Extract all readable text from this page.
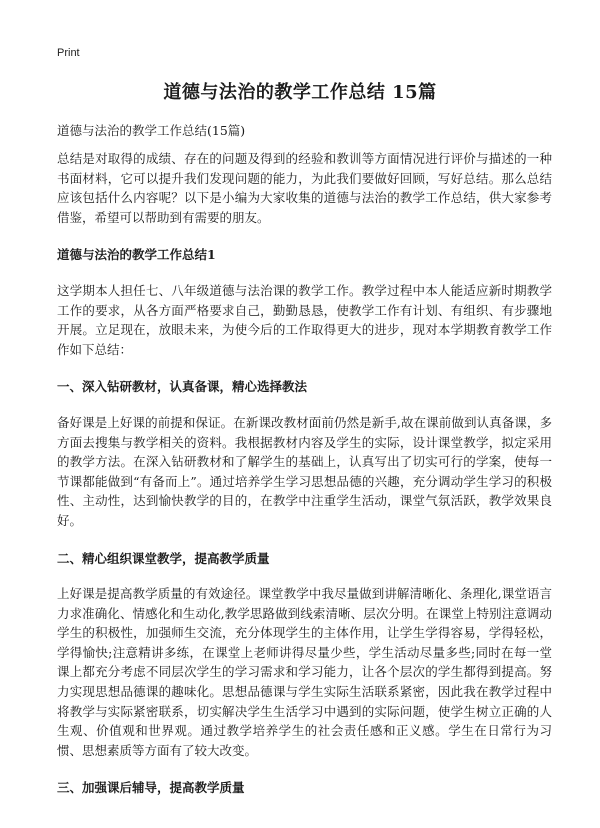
Print
道德与法治的教学工作总结 15篇
道德与法治的教学工作总结(15篇)

总结是对取得的成绩、存在的问题及得到的经验和教训等方面情况进行评价与描述的一种书面材料，它可以提升我们发现问题的能力，为此我们要做好回顾，写好总结。那么总结应该包括什么内容呢？以下是小编为大家收集的道德与法治的教学工作总结，供大家参考借鉴，希望可以帮助到有需要的朋友。

道德与法治的教学工作总结1

这学期本人担任七、八年级道德与法治课的教学工作。教学过程中本人能适应新时期教学工作的要求，从各方面严格要求自己，勤勤恳恳，使教学工作有计划、有组织、有步骤地开展。立足现在，放眼未来，为使今后的工作取得更大的进步，现对本学期教育教学工作作如下总结：

一、深入钻研教材，认真备课，精心选择教法

备好课是上好课的前提和保证。在新课改教材面前仍然是新手,故在课前做到认真备课，多方面去搜集与教学相关的资料。我根据教材内容及学生的实际，设计课堂教学，拟定采用的教学方法。在深入钻研教材和了解学生的基础上，认真写出了切实可行的学案，使每一节课都能做到“有备而上”。通过培养学生学习思想品德的兴趣，充分调动学生学习的积极性、主动性，达到愉快教学的目的，在教学中注重学生活动，课堂气氛活跃，教学效果良好。

二、精心组织课堂教学，提高教学质量

上好课是提高教学质量的有效途径。课堂教学中我尽量做到讲解清晰化、条理化,课堂语言力求准确化、情感化和生动化,教学思路做到线索清晰、层次分明。在课堂上特别注意调动学生的积极性，加强师生交流，充分体现学生的主体作用，让学生学得容易，学得轻松，学得愉快;注意精讲多练，在课堂上老师讲得尽量少些，学生活动尽量多些;同时在每一堂课上都充分考虑不同层次学生的学习需求和学习能力，让各个层次的学生都得到提高。努力实现思想品德课的趣味化。思想品德课与学生实际生活联系紧密，因此我在教学过程中将教学与实际紧密联系，切实解决学生生活学习中遇到的实际问题，使学生树立正确的人生观、价值观和世界观。通过教学培养学生的社会责任感和正义感。学生在日常行为习惯、思想素质等方面有了较大改变。

三、加强课后辅导，提高教学质量
